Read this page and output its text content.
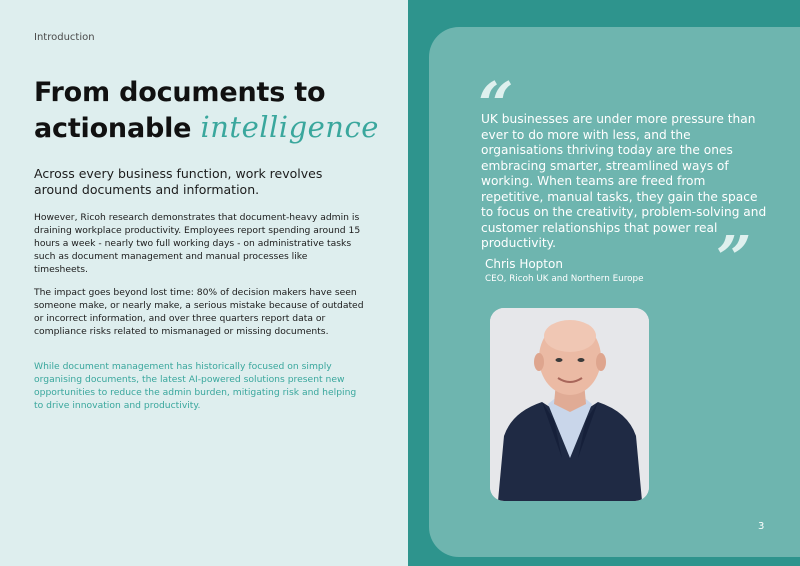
Introduction
From documents to
actionable intelligence
Across every business function, work revolves around documents and information.
However, Ricoh research demonstrates that document-heavy admin is draining workplace productivity. Employees report spending around 15 hours a week - nearly two full working days - on administrative tasks such as document management and manual processes like timesheets.
The impact goes beyond lost time: 80% of decision makers have seen someone make, or nearly make, a serious mistake because of outdated or incorrect information, and over three quarters report data or compliance risks related to mismanaged or missing documents.
While document management has historically focused on simply organising documents, the latest AI-powered solutions present new opportunities to reduce the admin burden, mitigating risk and helping to drive innovation and productivity.
“
UK businesses are under more pressure than ever to do more with less, and the organisations thriving today are the ones embracing smarter, streamlined ways of working. When teams are freed from repetitive, manual tasks, they gain the space to focus on the creativity, problem-solving and customer relationships that power real productivity.	”
Chris Hopton
CEO, Ricoh UK and Northern Europe
3
